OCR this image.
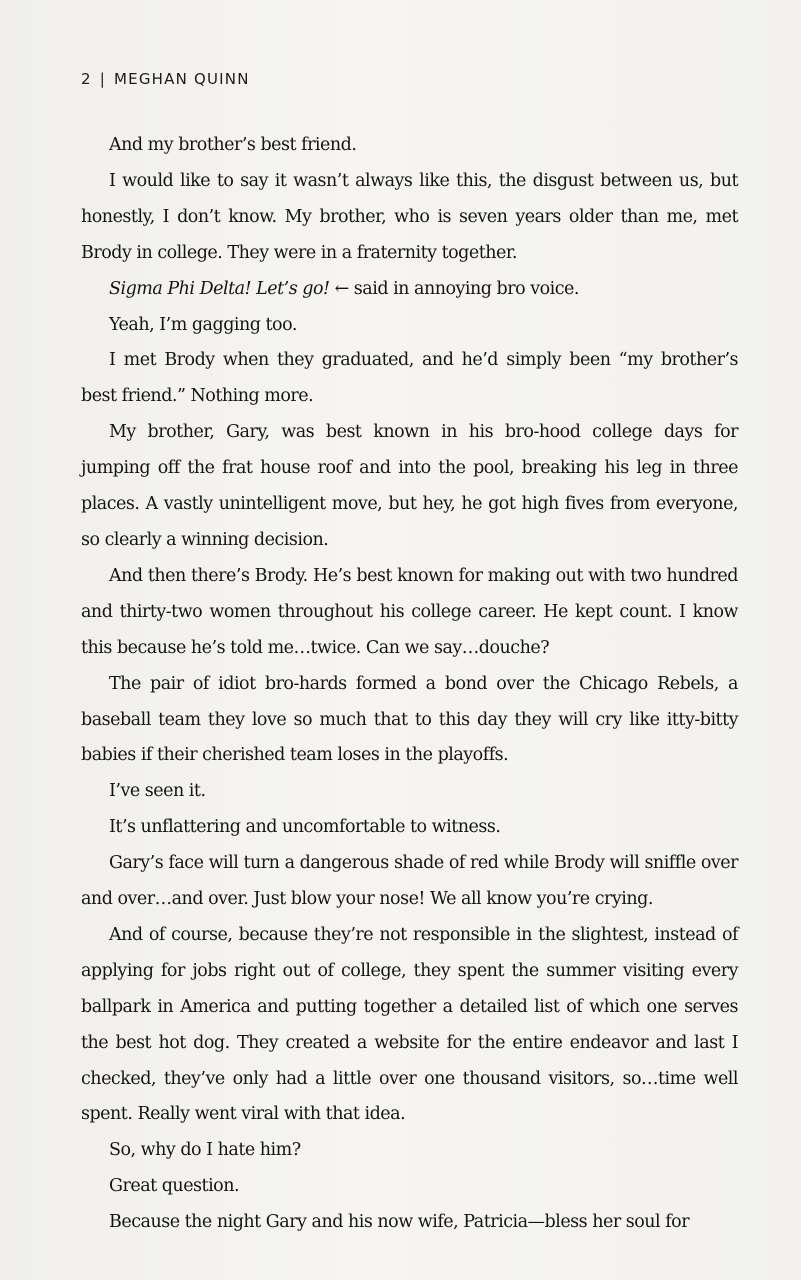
2 | MEGHAN QUINN

And my brother’s best friend.

I would like to say it wasn’t always like this, the disgust between us, but honestly, I don’t know. My brother, who is seven years older than me, met Brody in college. They were in a fraternity together.

Sigma Phi Delta! Let’s go! ← said in annoying bro voice.

Yeah, I’m gagging too.

I met Brody when they graduated, and he’d simply been “my brother’s best friend.” Nothing more.

My brother, Gary, was best known in his bro-hood college days for jumping off the frat house roof and into the pool, breaking his leg in three places. A vastly unintelligent move, but hey, he got high fives from everyone, so clearly a winning decision.

And then there’s Brody. He’s best known for making out with two hundred and thirty-two women throughout his college career. He kept count. I know this because he’s told me…twice. Can we say…douche?

The pair of idiot bro-hards formed a bond over the Chicago Rebels, a baseball team they love so much that to this day they will cry like itty-bitty babies if their cherished team loses in the playoffs.

I’ve seen it.

It’s unflattering and uncomfortable to witness.

Gary’s face will turn a dangerous shade of red while Brody will sniffle over and over…and over. Just blow your nose! We all know you’re crying.

And of course, because they’re not responsible in the slightest, instead of applying for jobs right out of college, they spent the summer visiting every ballpark in America and putting together a detailed list of which one serves the best hot dog. They created a website for the entire endeavor and last I checked, they’ve only had a little over one thousand visitors, so…time well spent. Really went viral with that idea.

So, why do I hate him?

Great question.

Because the night Gary and his now wife, Patricia—bless her soul for
